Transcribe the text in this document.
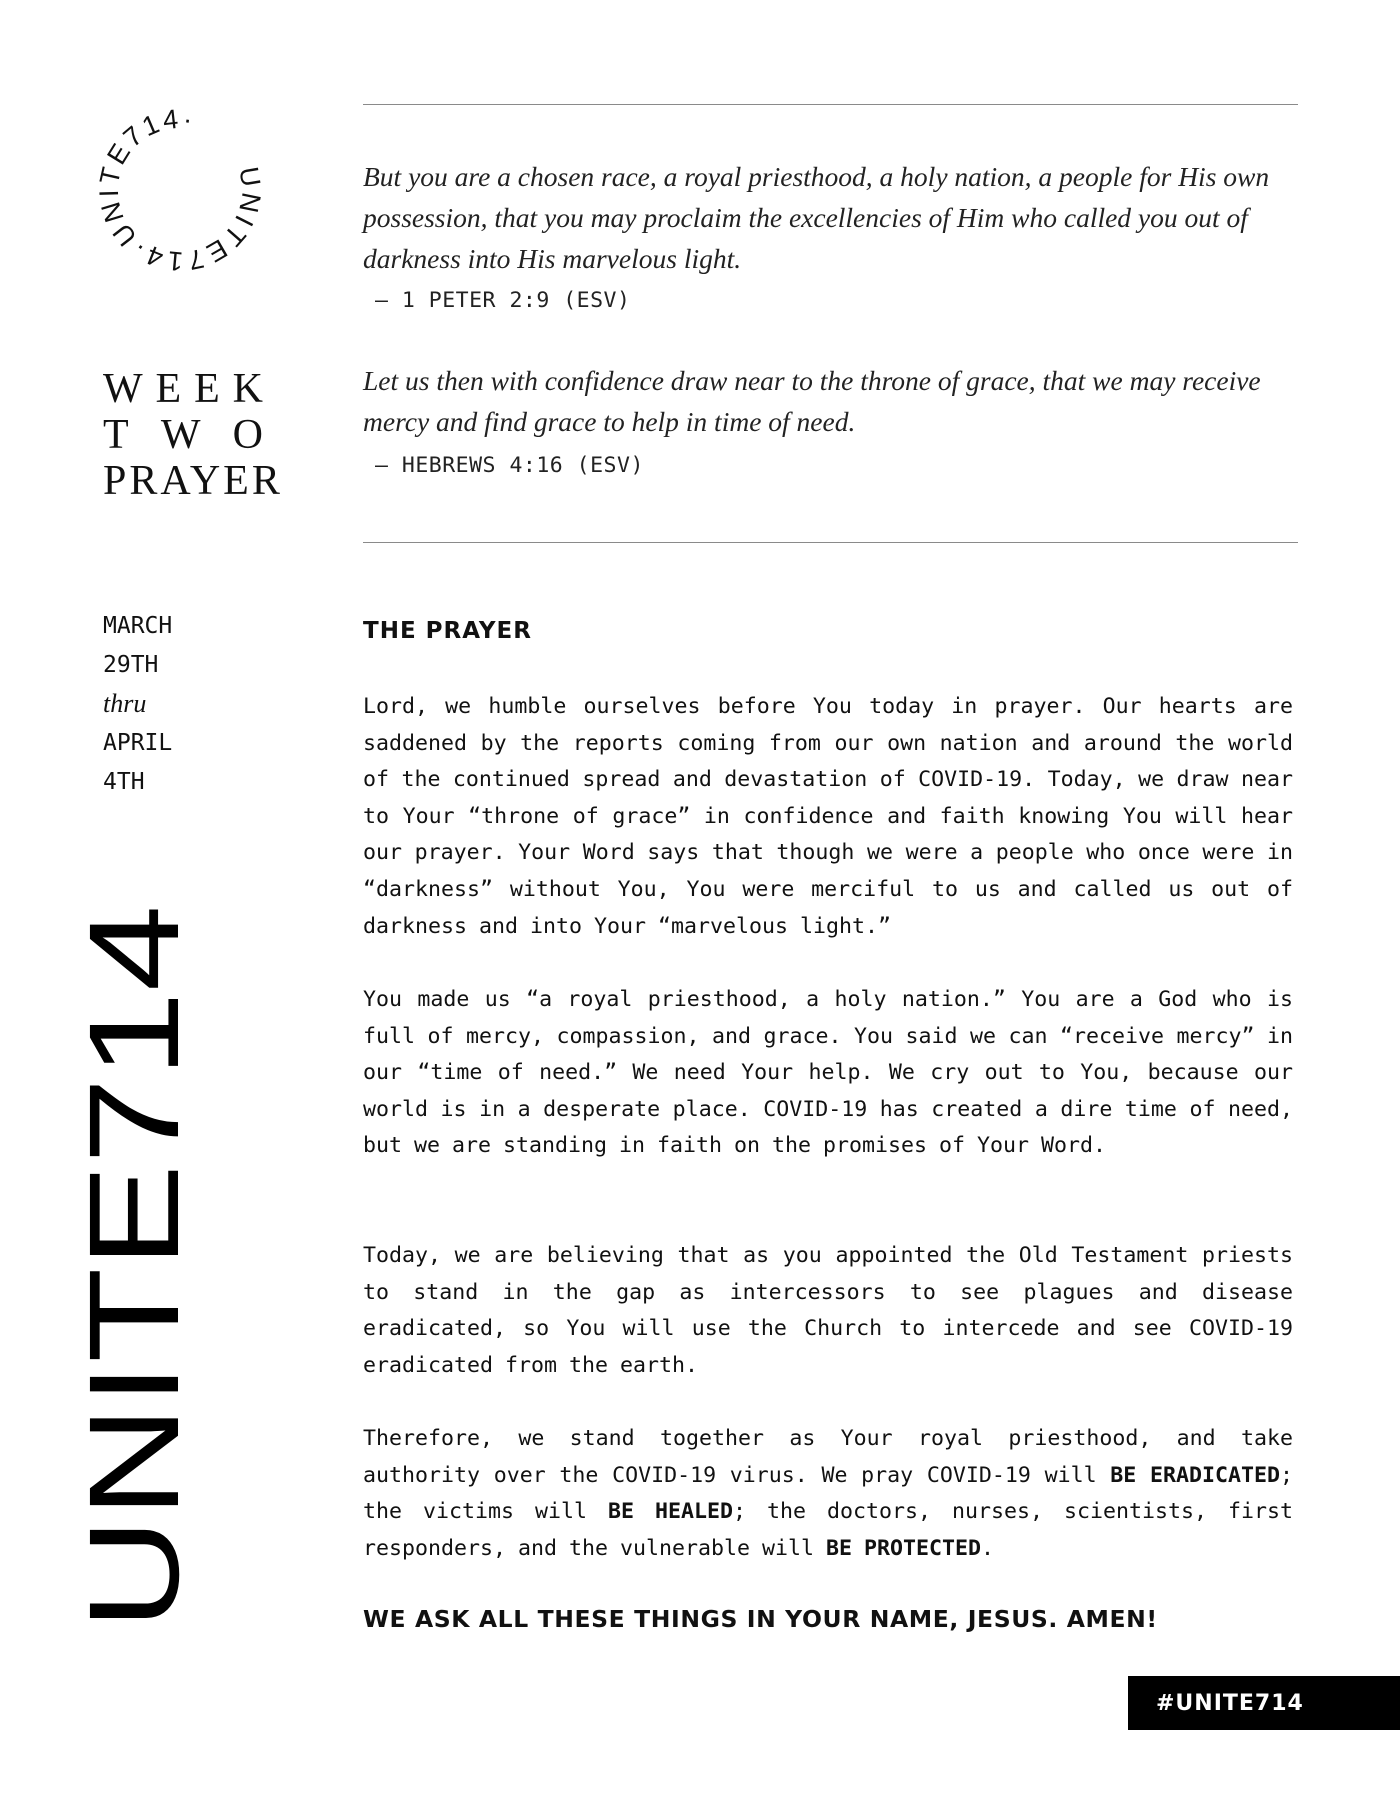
UNITE714·UNITE714·
W E E K
T W O
PRAYER
MARCH
29TH
thru
APRIL
4TH
UNITE714
But you are a chosen race, a royal priesthood, a holy nation, a people for His own possession, that you may proclaim the excellencies of Him who called you out of darkness into His marvelous light.
— 1 PETER 2:9 (ESV)
Let us then with confidence draw near to the throne of grace, that we may receive mercy and find grace to help in time of need.
— HEBREWS 4:16 (ESV)
THE PRAYER
Lord, we humble ourselves before You today in prayer. Our hearts are saddened by the reports coming from our own nation and around the world of the continued spread and devastation of COVID-19. Today, we draw near to Your “throne of grace” in confidence and faith knowing You will hear our prayer. Your Word says that though we were a people who once were in “darkness” without You, You were merciful to us and called us out of darkness and into Your “marvelous light.”
You made us “a royal priesthood, a holy nation.” You are a God who is full of mercy, compassion, and grace. You said we can “receive mercy” in our “time of need.” We need Your help. We cry out to You, because our world is in a desperate place. COVID-19 has created a dire time of need, but we are standing in faith on the promises of Your Word.
Today, we are believing that as you appointed the Old Testament priests to stand in the gap as intercessors to see plagues and disease eradicated, so You will use the Church to intercede and see COVID-19 eradicated from the earth.
Therefore, we stand together as Your royal priesthood, and take authority over the COVID-19 virus. We pray COVID-19 will BE ERADICATED; the victims will BE HEALED; the doctors, nurses, scientists, first responders, and the vulnerable will BE PROTECTED.
WE ASK ALL THESE THINGS IN YOUR NAME, JESUS. AMEN!
#UNITE714
